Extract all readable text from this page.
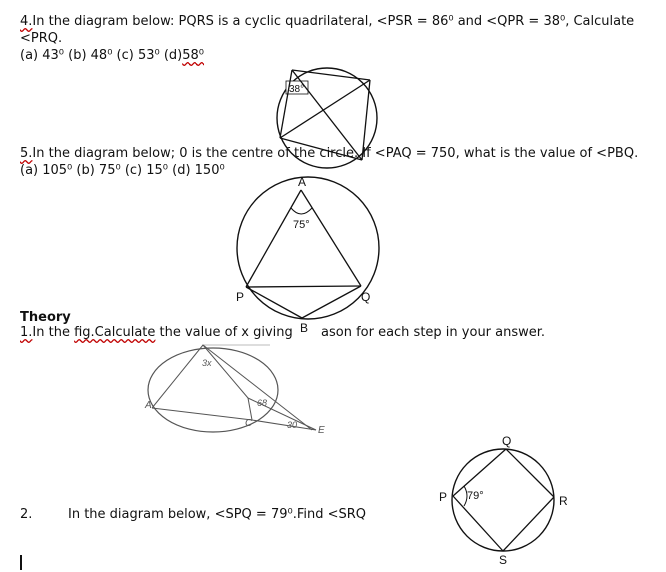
4.In the diagram below: PQRS is a cyclic quadrilateral, <PSR = 86⁰ and <QPR = 38⁰, Calculate
<PRQ.
(a) 43⁰ (b) 48⁰ (c) 53⁰ (d)58⁰
38°
5.In the diagram below; 0 is the centre of the circle. If <PAQ = 750, what is the value of <PBQ.
(a) 105⁰ (b) 75⁰ (c) 15⁰ (d) 150⁰
A
75°
P	Q
B
Theory
1.In the fig.Calculate the value of x giving ason for each step in your answer.
3x
68
A
C	30 E
2.	In the diagram below, <SPQ = 79⁰.Find <SRQ
Q
P 79°	R
S
